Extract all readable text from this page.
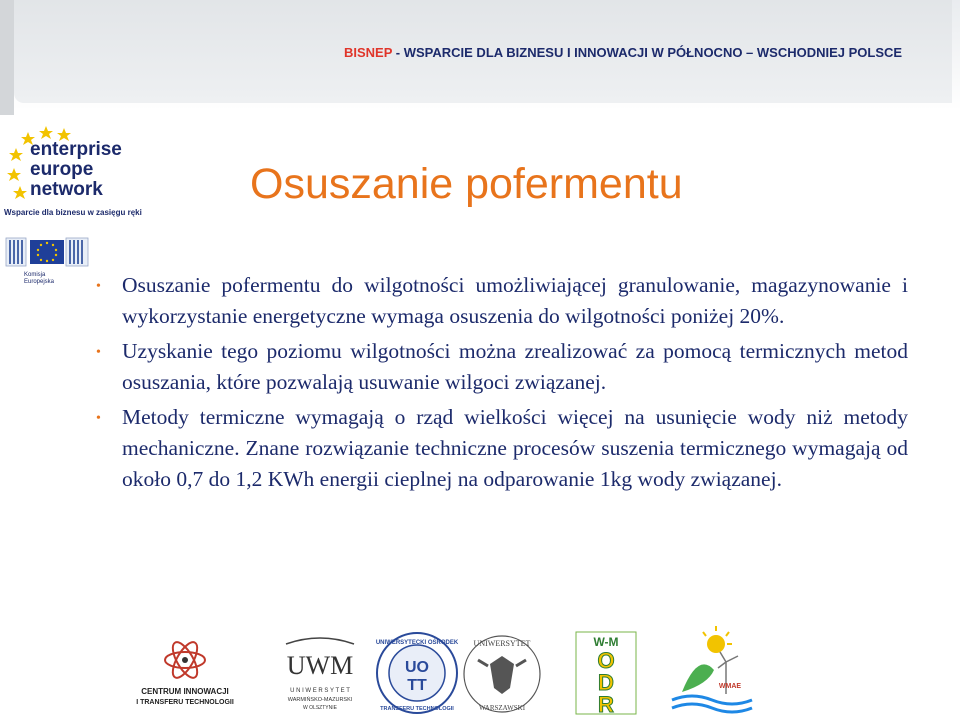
BISNEP - WSPARCIE DLA BIZNESU I INNOWACJI W PÓŁNOCNO – WSCHODNIEJ POLSCE
enterprise
europe
network
Wsparcie dla biznesu w zasięgu ręki
Komisja
Europejska
Osuszanie pofermentu
• Osuszanie pofermentu do wilgotności umożliwiającej granulowanie, magazynowanie i wykorzystanie energetyczne wymaga osuszenia do wilgotności poniżej 20%.
• Uzyskanie tego poziomu wilgotności można zrealizować za pomocą termicznych metod osuszania, które pozwalają usuwanie wilgoci związanej.
• Metody termiczne wymagają o rząd wielkości więcej na usunięcie wody niż metody mechaniczne. Znane rozwiązanie techniczne procesów suszenia termicznego wymagają od około 0,7 do 1,2 KWh energii cieplnej na odparowanie 1kg wody związanej.
CENTRUM INNOWACJI
I TRANSFERU TECHNOLOGII
UWM
U N I W E R S Y T E T
WARMIŃSKO-MAZURSKI
W OLSZTYNIE
UNIWERSYTECKI OŚRODEK
UO
TT
TRANSFERU TECHNOLOGII
UNIWERSYTET
WARSZAWSKI
W-M
O
D
R
WMAE
